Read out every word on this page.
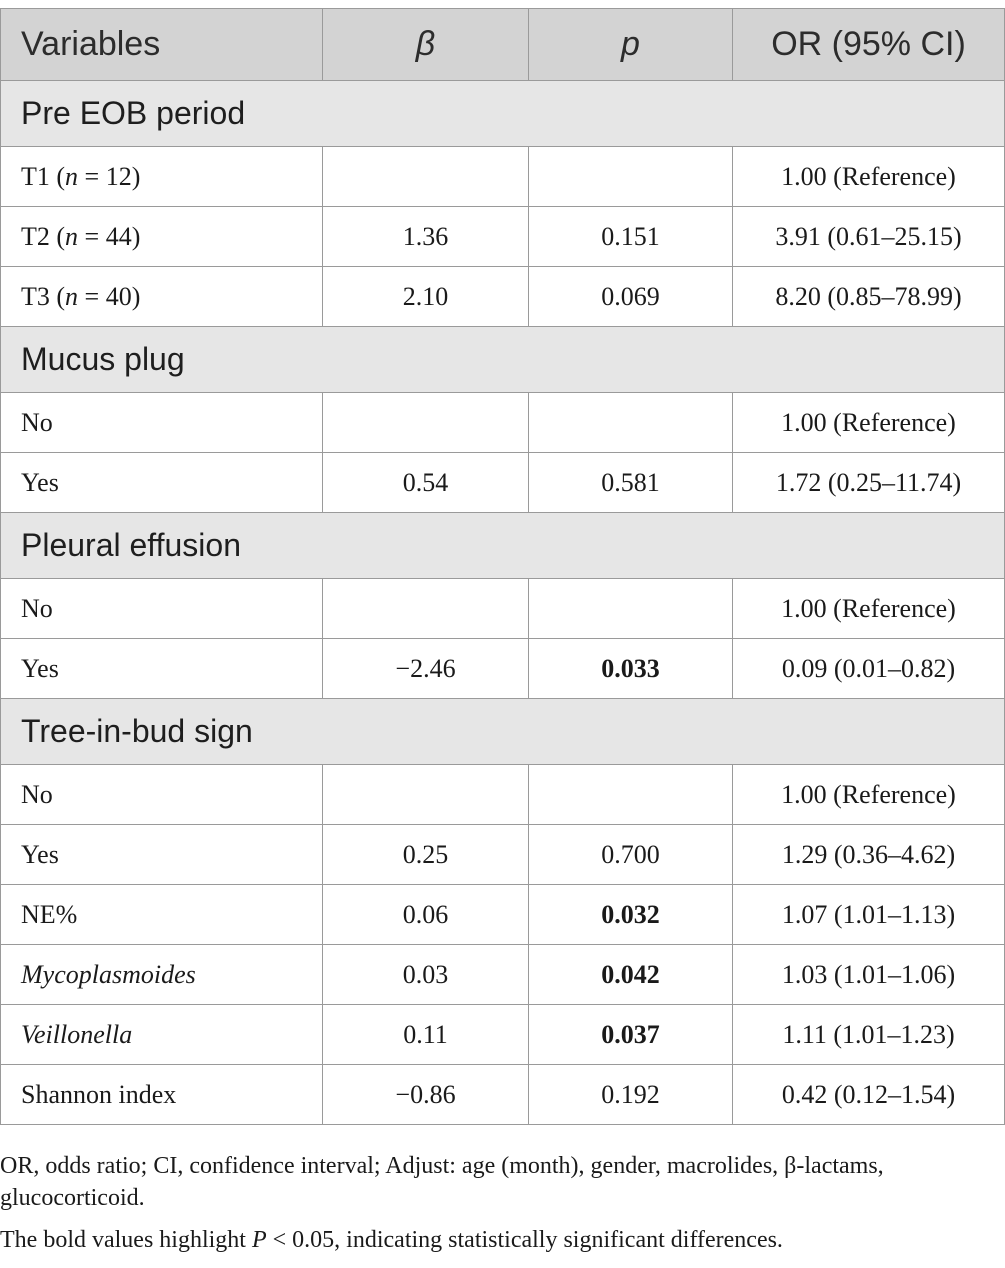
Variables	β	p	OR (95% CI)
Pre EOB period			
T1 (n = 12)			1.00 (Reference)
T2 (n = 44)	1.36	0.151	3.91 (0.61–25.15)
T3 (n = 40)	2.10	0.069	8.20 (0.85–78.99)
Mucus plug			
No			1.00 (Reference)
Yes	0.54	0.581	1.72 (0.25–11.74)
Pleural effusion			
No			1.00 (Reference)
Yes	−2.46	0.033	0.09 (0.01–0.82)
Tree-in-bud sign			
No			1.00 (Reference)
Yes	0.25	0.700	1.29 (0.36–4.62)
NE%	0.06	0.032	1.07 (1.01–1.13)
Mycoplasmoides	0.03	0.042	1.03 (1.01–1.06)
Veillonella	0.11	0.037	1.11 (1.01–1.23)
Shannon index	−0.86	0.192	0.42 (0.12–1.54)
OR, odds ratio; CI, confidence interval; Adjust: age (month), gender, macrolides, β-lactams, glucocorticoid.
The bold values highlight P < 0.05, indicating statistically significant differences.
